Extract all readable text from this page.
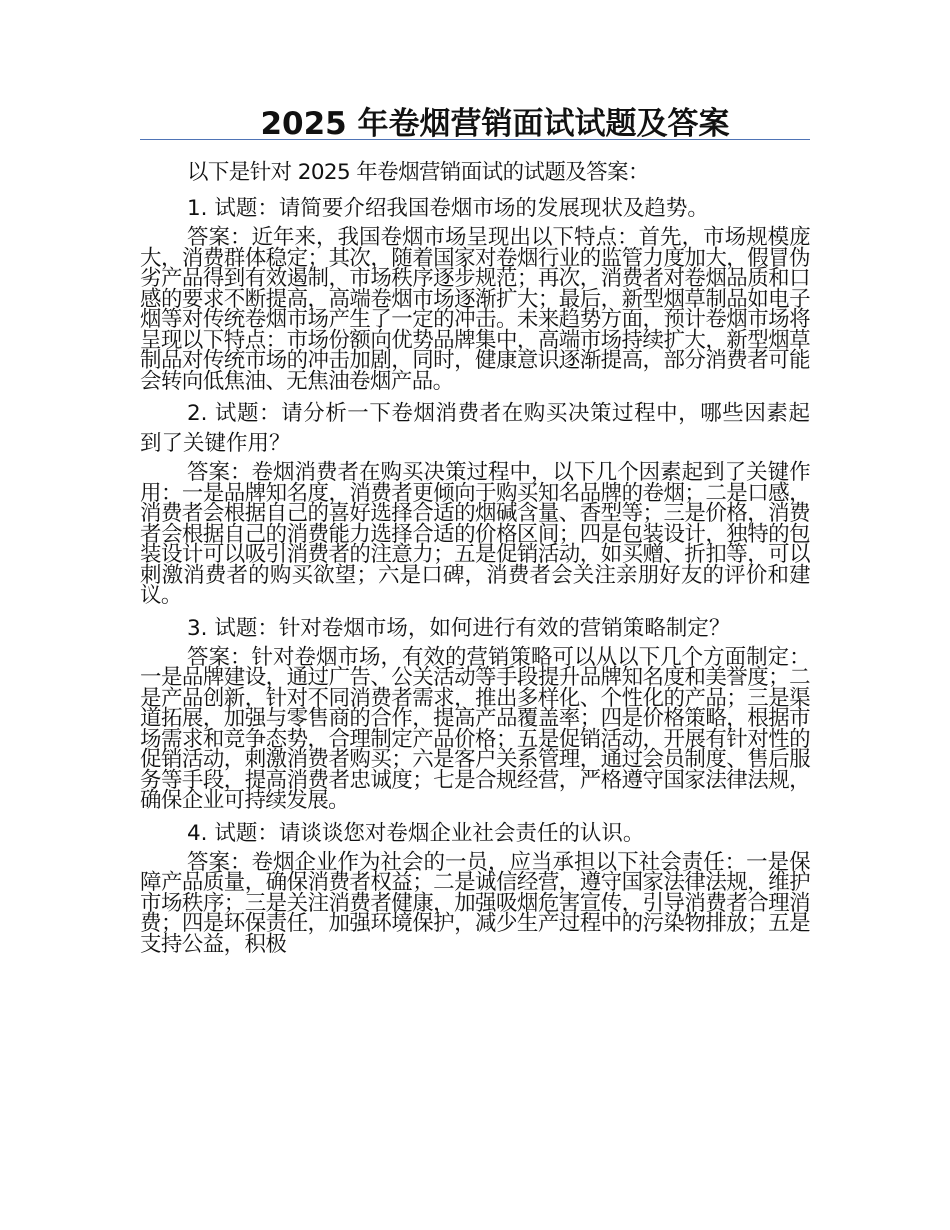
2025 年卷烟营销面试试题及答案

以下是针对 2025 年卷烟营销面试的试题及答案：

1. 试题：请简要介绍我国卷烟市场的发展现状及趋势。

答案：近年来，我国卷烟市场呈现出以下特点：首先，市场规模庞大，消费群体稳定；其次，随着国家对卷烟行业的监管力度加大，假冒伪劣产品得到有效遏制，市场秩序逐步规范；再次，消费者对卷烟品质和口感的要求不断提高，高端卷烟市场逐渐扩大；最后，新型烟草制品如电子烟等对传统卷烟市场产生了一定的冲击。未来趋势方面，预计卷烟市场将呈现以下特点：市场份额向优势品牌集中，高端市场持续扩大，新型烟草制品对传统市场的冲击加剧，同时，健康意识逐渐提高，部分消费者可能会转向低焦油、无焦油卷烟产品。

2. 试题：请分析一下卷烟消费者在购买决策过程中，哪些因素起到了关键作用？

答案：卷烟消费者在购买决策过程中，以下几个因素起到了关键作用：一是品牌知名度，消费者更倾向于购买知名品牌的卷烟；二是口感，消费者会根据自己的喜好选择合适的烟碱含量、香型等；三是价格，消费者会根据自己的消费能力选择合适的价格区间；四是包装设计，独特的包装设计可以吸引消费者的注意力；五是促销活动，如买赠、折扣等，可以刺激消费者的购买欲望；六是口碑，消费者会关注亲朋好友的评价和建议。

3. 试题：针对卷烟市场，如何进行有效的营销策略制定？

答案：针对卷烟市场，有效的营销策略可以从以下几个方面制定：一是品牌建设，通过广告、公关活动等手段提升品牌知名度和美誉度；二是产品创新，针对不同消费者需求，推出多样化、个性化的产品；三是渠道拓展，加强与零售商的合作，提高产品覆盖率；四是价格策略，根据市场需求和竞争态势，合理制定产品价格；五是促销活动，开展有针对性的促销活动，刺激消费者购买；六是客户关系管理，通过会员制度、售后服务等手段，提高消费者忠诚度；七是合规经营，严格遵守国家法律法规，确保企业可持续发展。

4. 试题：请谈谈您对卷烟企业社会责任的认识。

答案：卷烟企业作为社会的一员，应当承担以下社会责任：一是保障产品质量，确保消费者权益；二是诚信经营，遵守国家法律法规，维护市场秩序；三是关注消费者健康，加强吸烟危害宣传，引导消费者合理消费；四是环保责任，加强环境保护，减少生产过程中的污染物排放；五是支持公益，积极
